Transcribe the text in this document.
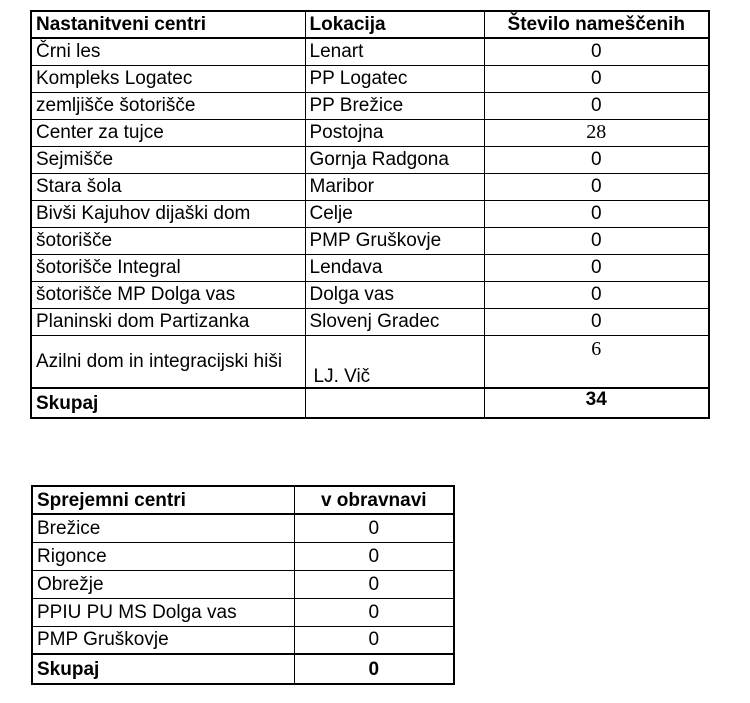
Nastanitveni centri	Lokacija	Število nameščenih
Črni les	Lenart	0
Kompleks Logatec	PP Logatec	0
zemljišče šotorišče	PP Brežice	0
Center za tujce	Postojna	28
Sejmišče	Gornja Radgona	0
Stara šola	Maribor	0
Bivši Kajuhov dijaški dom	Celje	0
šotorišče	PMP Gruškovje	0
šotorišče Integral	Lendava	0
šotorišče MP Dolga vas	Dolga vas	0
Planinski dom Partizanka	Slovenj Gradec	0
Azilni dom in integracijski hiši	LJ. Vič	6
Skupaj		34
Sprejemni centri	v obravnavi
Brežice	0
Rigonce	0
Obrežje	0
PPIU PU MS Dolga vas	0
PMP Gruškovje	0
Skupaj	0
